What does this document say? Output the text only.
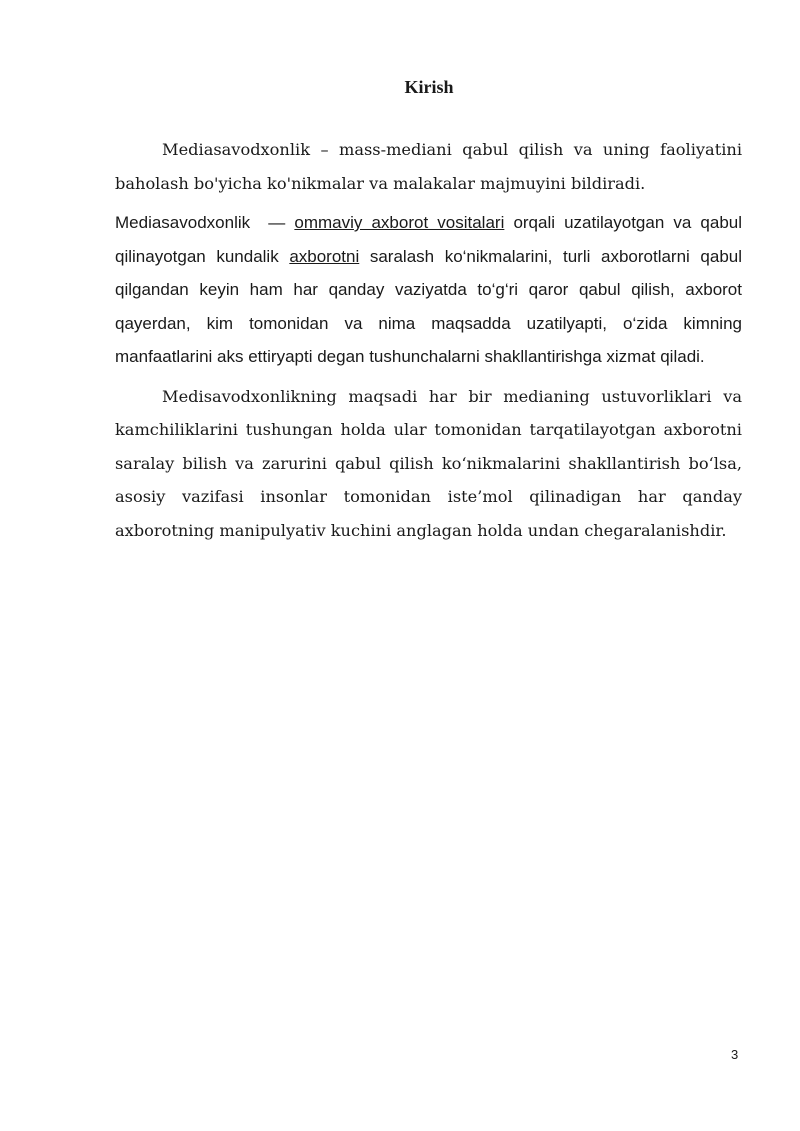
Kirish

Mediasavodxonlik – mass-mediani qabul qilish va uning faoliyatini baholash bo'yicha ko'nikmalar va malakalar majmuyini bildiradi.

Mediasavodxonlik  — ommaviy axborot vositalari orqali uzatilayotgan va qabul qilinayotgan kundalik axborotni saralash ko‘nikmalarini, turli axborotlarni qabul qilgandan keyin ham har qanday vaziyatda to‘g‘ri qaror qabul qilish, axborot qayerdan, kim tomonidan va nima maqsadda uzatilyapti, o‘zida kimning manfaatlarini aks ettiryapti degan tushunchalarni shakllantirishga xizmat qiladi.

Medisavodxonlikning maqsadi har bir medianing ustuvorliklari va kamchiliklarini tushungan holda ular tomonidan tarqatilayotgan axborotni saralay bilish va zarurini qabul qilish ko‘nikmalarini shakllantirish bo‘lsa, asosiy vazifasi insonlar tomonidan iste’mol qilinadigan har qanday axborotning manipulyativ kuchini anglagan holda undan chegaralanishdir.

3
